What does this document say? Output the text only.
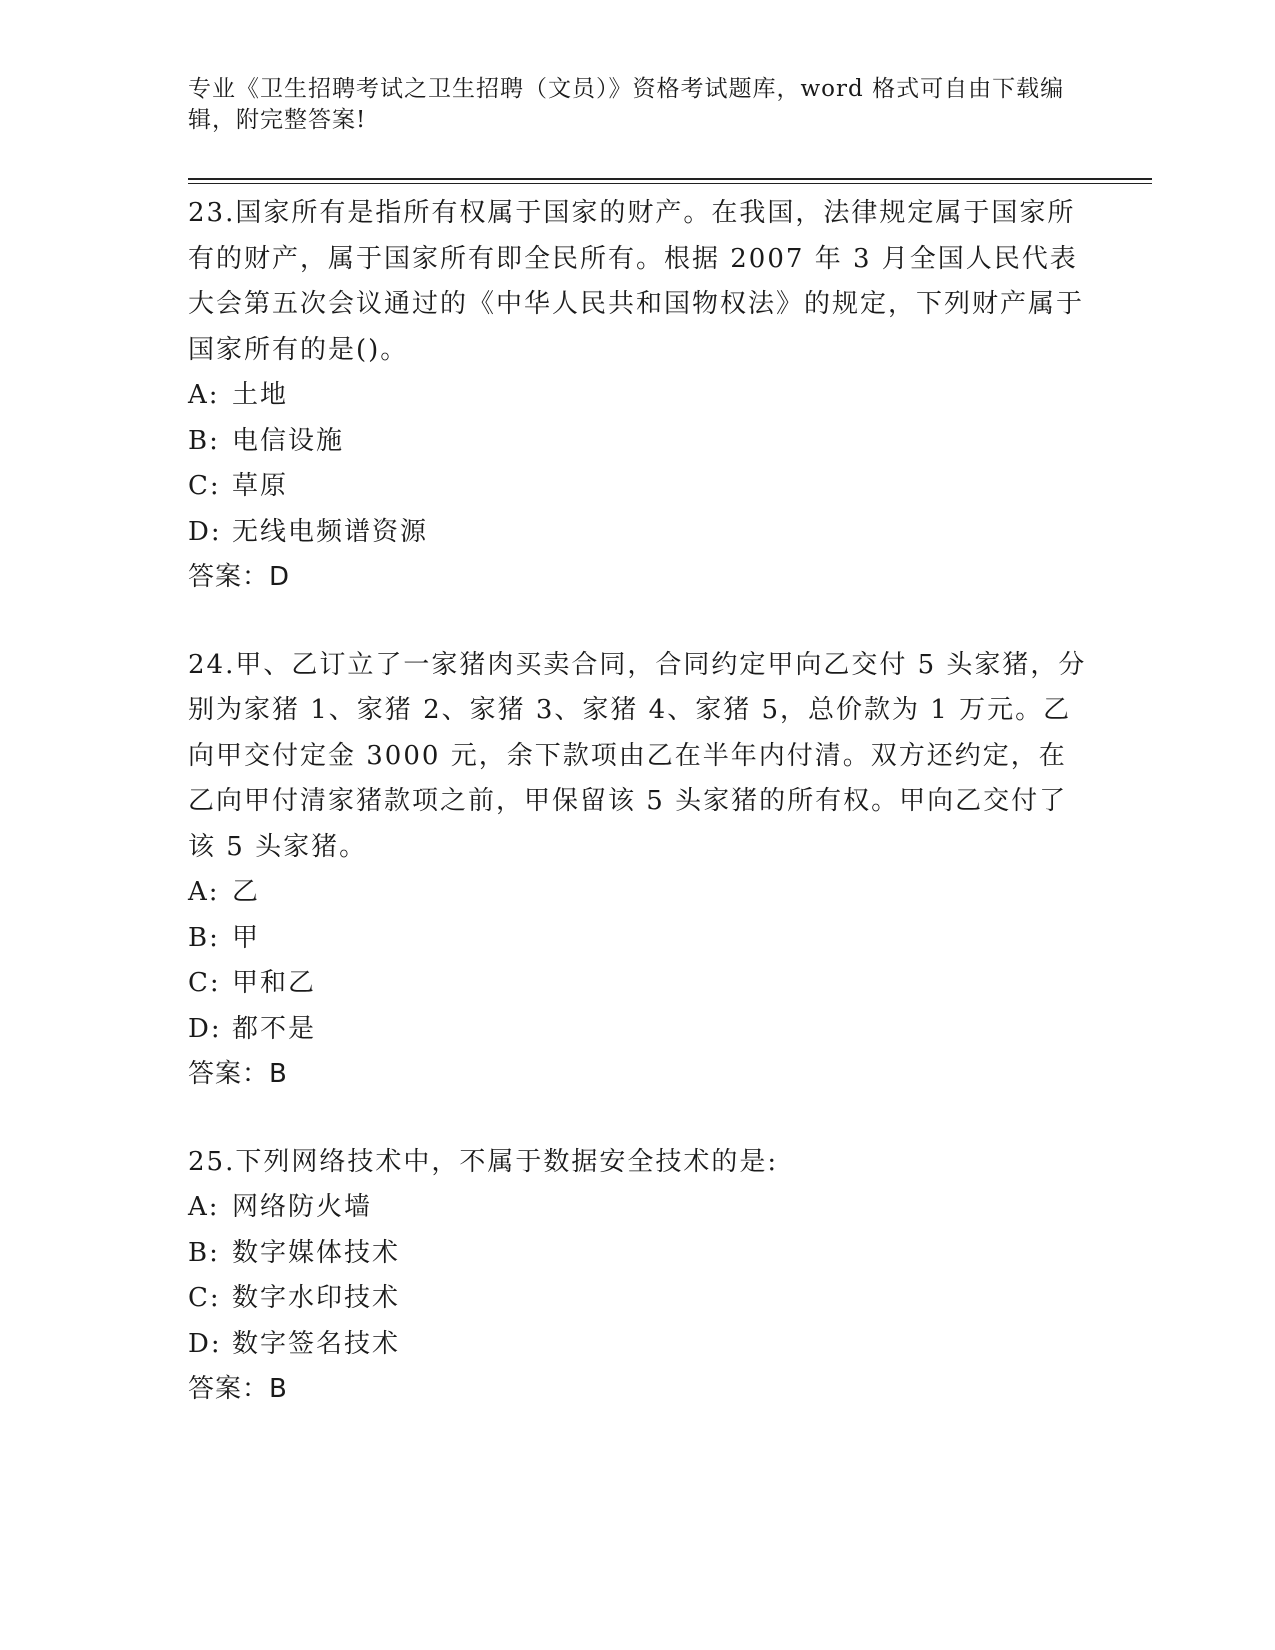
专业《卫生招聘考试之卫生招聘（文员）》资格考试题库，word 格式可自由下载编辑，附完整答案!

23.国家所有是指所有权属于国家的财产。在我国，法律规定属于国家所有的财产，属于国家所有即全民所有。根据 2007 年 3 月全国人民代表大会第五次会议通过的《中华人民共和国物权法》的规定，下列财产属于国家所有的是()。

A: 土地

B: 电信设施

C: 草原

D: 无线电频谱资源

答案：D

24.甲、乙订立了一家猪肉买卖合同，合同约定甲向乙交付 5 头家猪，分别为家猪 1、家猪 2、家猪 3、家猪 4、家猪 5，总价款为 1 万元。乙向甲交付定金 3000 元，余下款项由乙在半年内付清。双方还约定，在乙向甲付清家猪款项之前，甲保留该 5 头家猪的所有权。甲向乙交付了该 5 头家猪。

A: 乙

B: 甲

C: 甲和乙

D: 都不是

答案：B

25.下列网络技术中，不属于数据安全技术的是:

A: 网络防火墙

B: 数字媒体技术

C: 数字水印技术

D: 数字签名技术

答案：B
